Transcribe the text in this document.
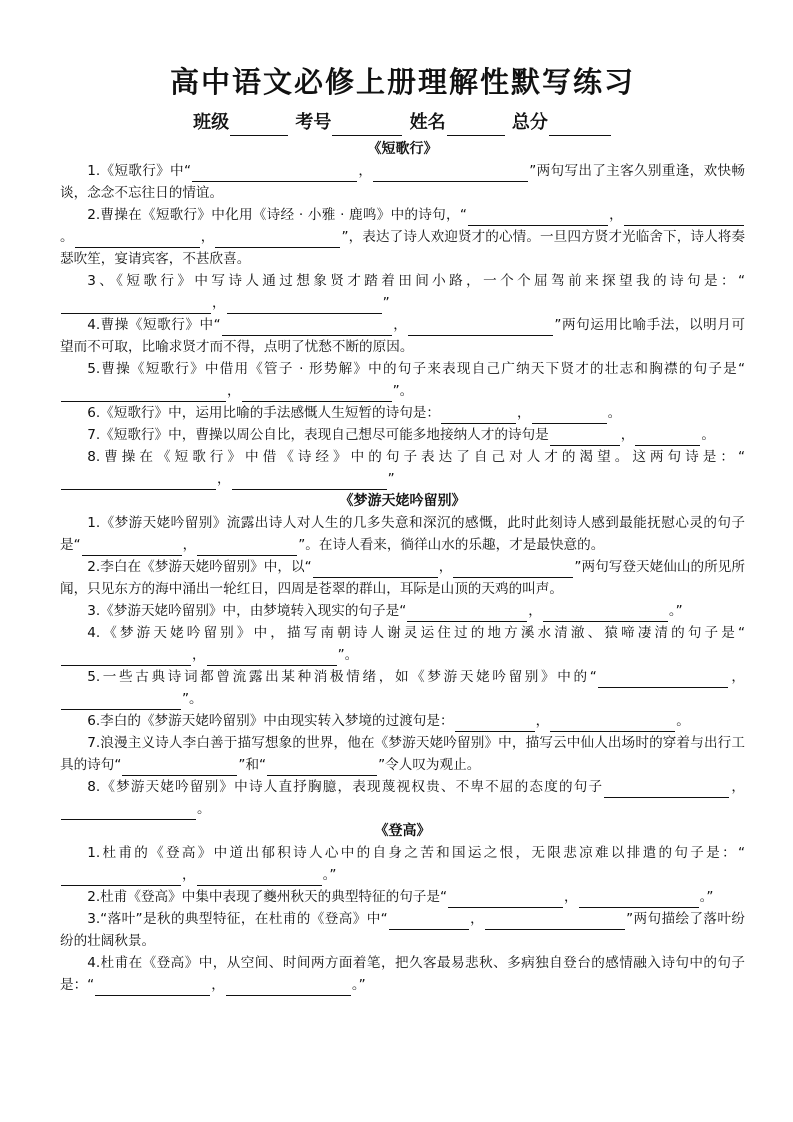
高中语文必修上册理解性默写练习
班级	考号	姓名	总分
《短歌行》

1.《短歌行》中“	，	”两句写出了主客久别重逢，欢快畅谈，念念不忘往日的情谊。

2.曹操在《短歌行》中化用《诗经 · 小雅 · 鹿鸣》中的诗句，“	，。	，	”，表达了诗人欢迎贤才的心情。一旦四方贤才光临舍下，诗人将奏瑟吹笙，宴请宾客，不甚欣喜。

3、《短歌行》中写诗人通过想象贤才踏着田间小路，一个个屈驾前来探望我的诗句是：“，	”

4.曹操《短歌行》中“	，	”两句运用比喻手法，以明月可望而不可取，比喻求贤才而不得，点明了忧愁不断的原因。

5.曹操《短歌行》中借用《管子 · 形势解》中的句子来表现自己广纳天下贤才的壮志和胸襟的句子是“，	”。

6.《短歌行》中，运用比喻的手法感慨人生短暂的诗句是：	，	。

7.《短歌行》中，曹操以周公自比，表现自己想尽可能多地接纳人才的诗句是	，	。

8.曹操在《短歌行》中借《诗经》中的句子表达了自己对人才的渴望。这两句诗是：“，	”

《梦游天姥吟留别》

1.《梦游天姥吟留别》流露出诗人对人生的几多失意和深沉的感慨，此时此刻诗人感到最能抚慰心灵的句子是“	，	”。在诗人看来，徜徉山水的乐趣，才是最快意的。

2.李白在《梦游天姥吟留别》中，以“	，	”两句写登天姥仙山的所见所闻，只见东方的海中涌出一轮红日，四周是苍翠的群山，耳际是山顶的天鸡的叫声。

3.《梦游天姥吟留别》中，由梦境转入现实的句子是“	，	。”

4.《梦游天姥吟留别》中，描写南朝诗人谢灵运住过的地方溪水清澈、猿啼凄清的句子是“，	”。

5.一些古典诗词都曾流露出某种消极情绪，如《梦游天姥吟留别》中的“	，”。

6.李白的《梦游天姥吟留别》中由现实转入梦境的过渡句是：	，	。

7.浪漫主义诗人李白善于描写想象的世界，他在《梦游天姥吟留别》中，描写云中仙人出场时的穿着与出行工具的诗句“	”和“	”令人叹为观止。

8.《梦游天姥吟留别》中诗人直抒胸臆，表现蔑视权贵、不卑不屈的态度的句子	，。

《登高》

1.杜甫的《登高》中道出郁积诗人心中的自身之苦和国运之恨，无限悲凉难以排遣的句子是：“，	。”

2.杜甫《登高》中集中表现了夔州秋天的典型特征的句子是“	，	。”

3.“落叶”是秋的典型特征，在杜甫的《登高》中“	，	”两句描绘了落叶纷纷的壮阔秋景。

4.杜甫在《登高》中，从空间、时间两方面着笔，把久客最易悲秋、多病独自登台的感情融入诗句中的句子是：“	，	。”
